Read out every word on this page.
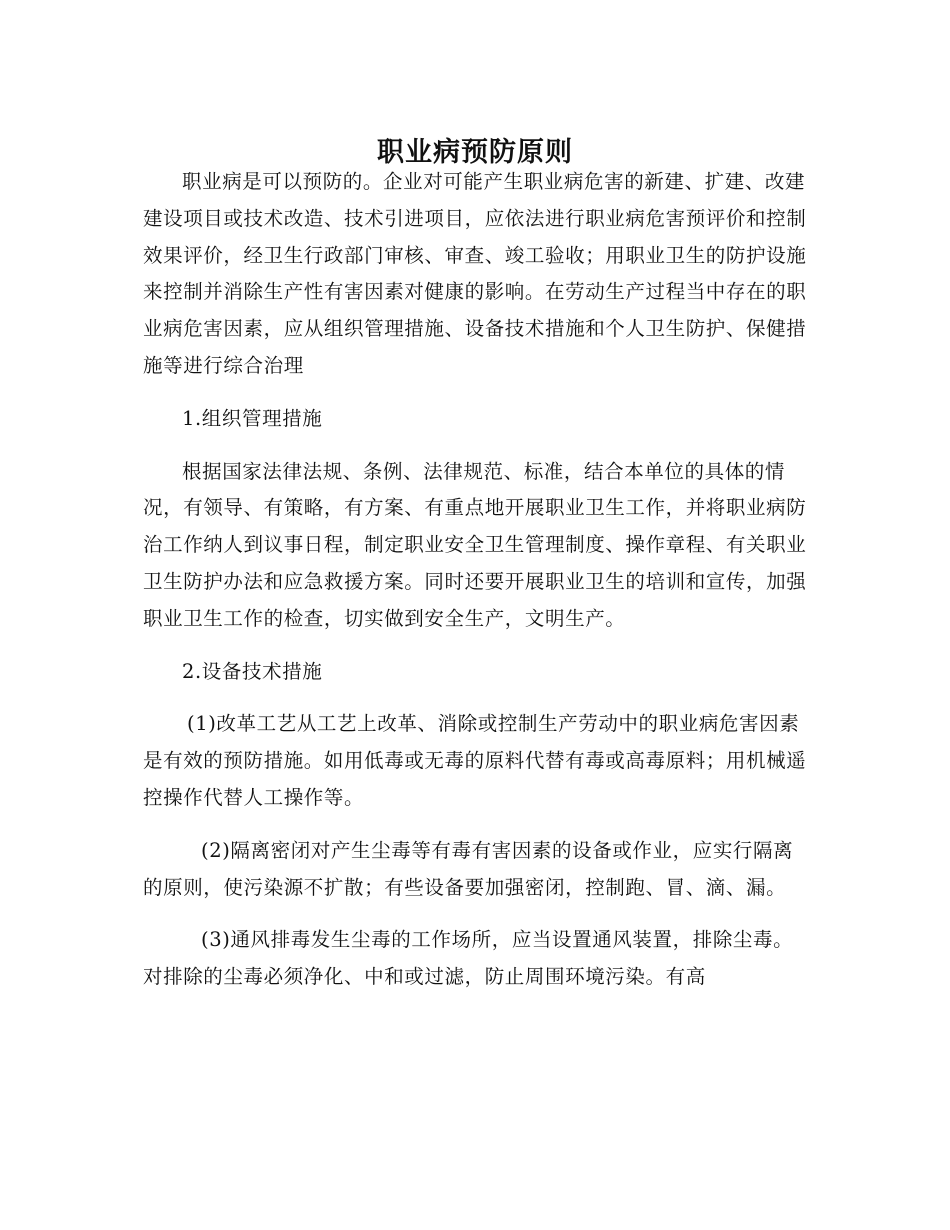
职业病预防原则

职业病是可以预防的。企业对可能产生职业病危害的新建、扩建、改建建设项目或技术改造、技术引进项目，应依法进行职业病危害预评价和控制效果评价，经卫生行政部门审核、审查、竣工验收；用职业卫生的防护设施来控制并消除生产性有害因素对健康的影响。在劳动生产过程当中存在的职业病危害因素，应从组织管理措施、设备技术措施和个人卫生防护、保健措施等进行综合治理

1.组织管理措施

根据国家法律法规、条例、法律规范、标准，结合本单位的具体的情况，有领导、有策略，有方案、有重点地开展职业卫生工作，并将职业病防治工作纳人到议事日程，制定职业安全卫生管理制度、操作章程、有关职业卫生防护办法和应急救援方案。同时还要开展职业卫生的培训和宣传，加强职业卫生工作的检查，切实做到安全生产，文明生产。

2.设备技术措施

(1)改革工艺从工艺上改革、消除或控制生产劳动中的职业病危害因素是有效的预防措施。如用低毒或无毒的原料代替有毒或高毒原料；用机械遥控操作代替人工操作等。

(2)隔离密闭对产生尘毒等有毒有害因素的设备或作业，应实行隔离的原则，使污染源不扩散；有些设备要加强密闭，控制跑、冒、滴、漏。

(3)通风排毒发生尘毒的工作场所，应当设置通风装置，排除尘毒。对排除的尘毒必须净化、中和或过滤，防止周围环境污染。有高
